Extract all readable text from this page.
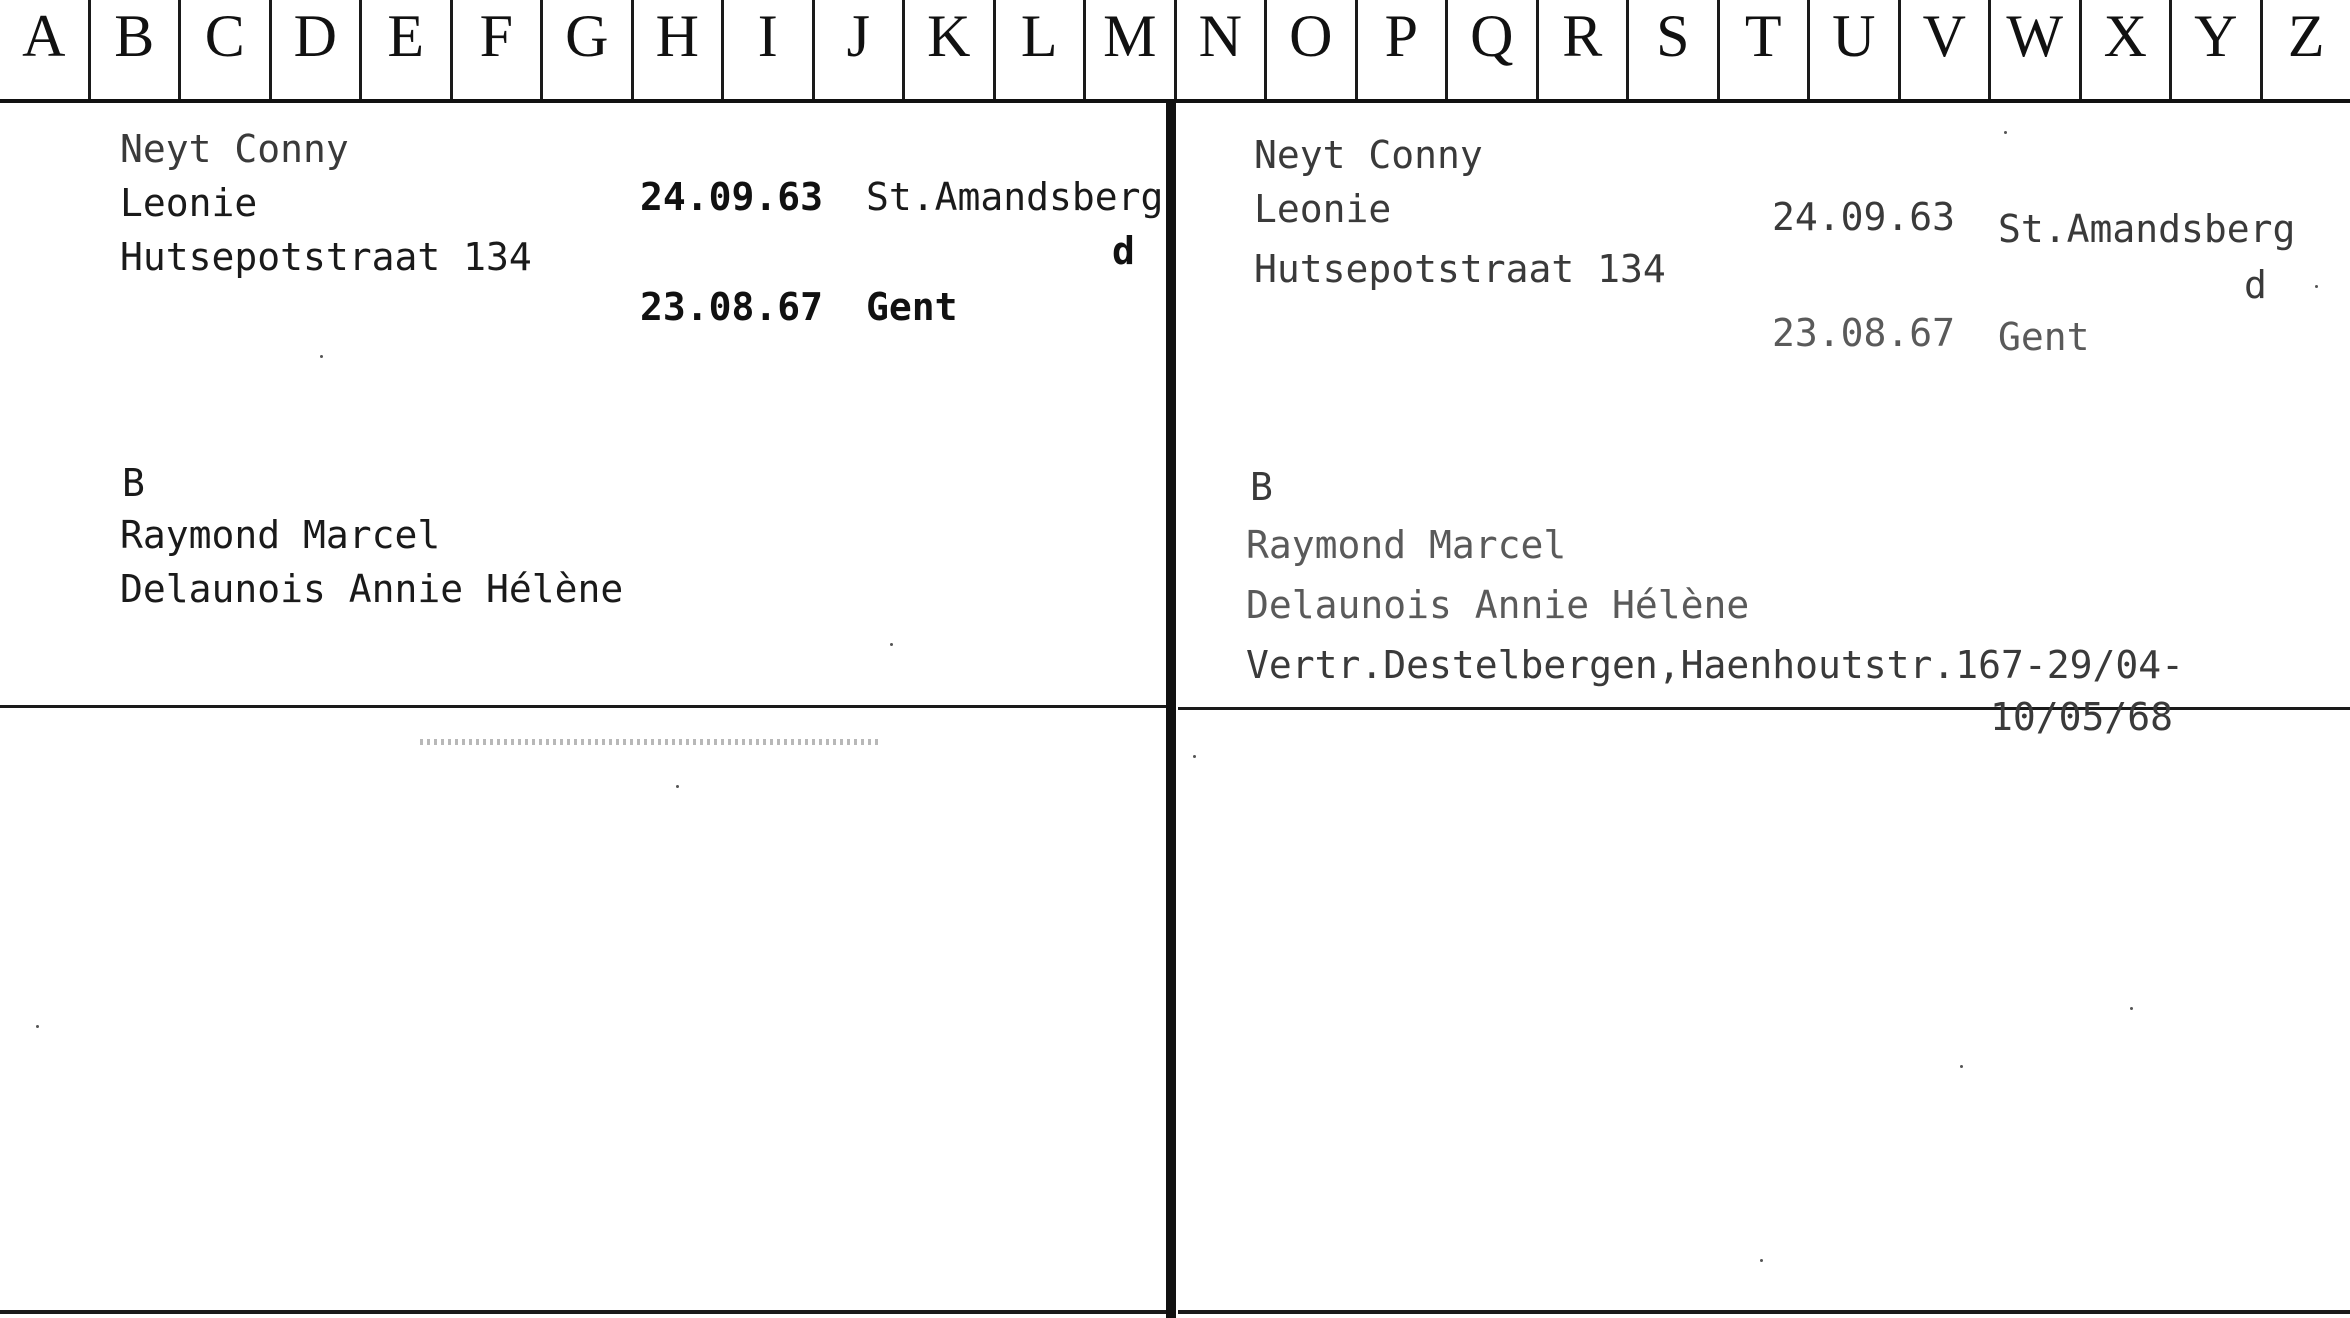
A B C D E F G H I	J K L M N O P Q R S T U V W X Y Z

Neyt Conny

Leonie

Hutsepotstraat 134

24.09.63 St.Amandsberg

d

23.08.67 Gent

B

Raymond Marcel

Delaunois Annie Hélène

Neyt Conny

Leonie

Hutsepotstraat 134

24.09.63 St.Amandsberg

d

23.08.67 Gent

B

Raymond Marcel

Delaunois Annie Hélène

Vertr.Destelbergen,Haenhoutstr.167-29/04-

10/05/68
